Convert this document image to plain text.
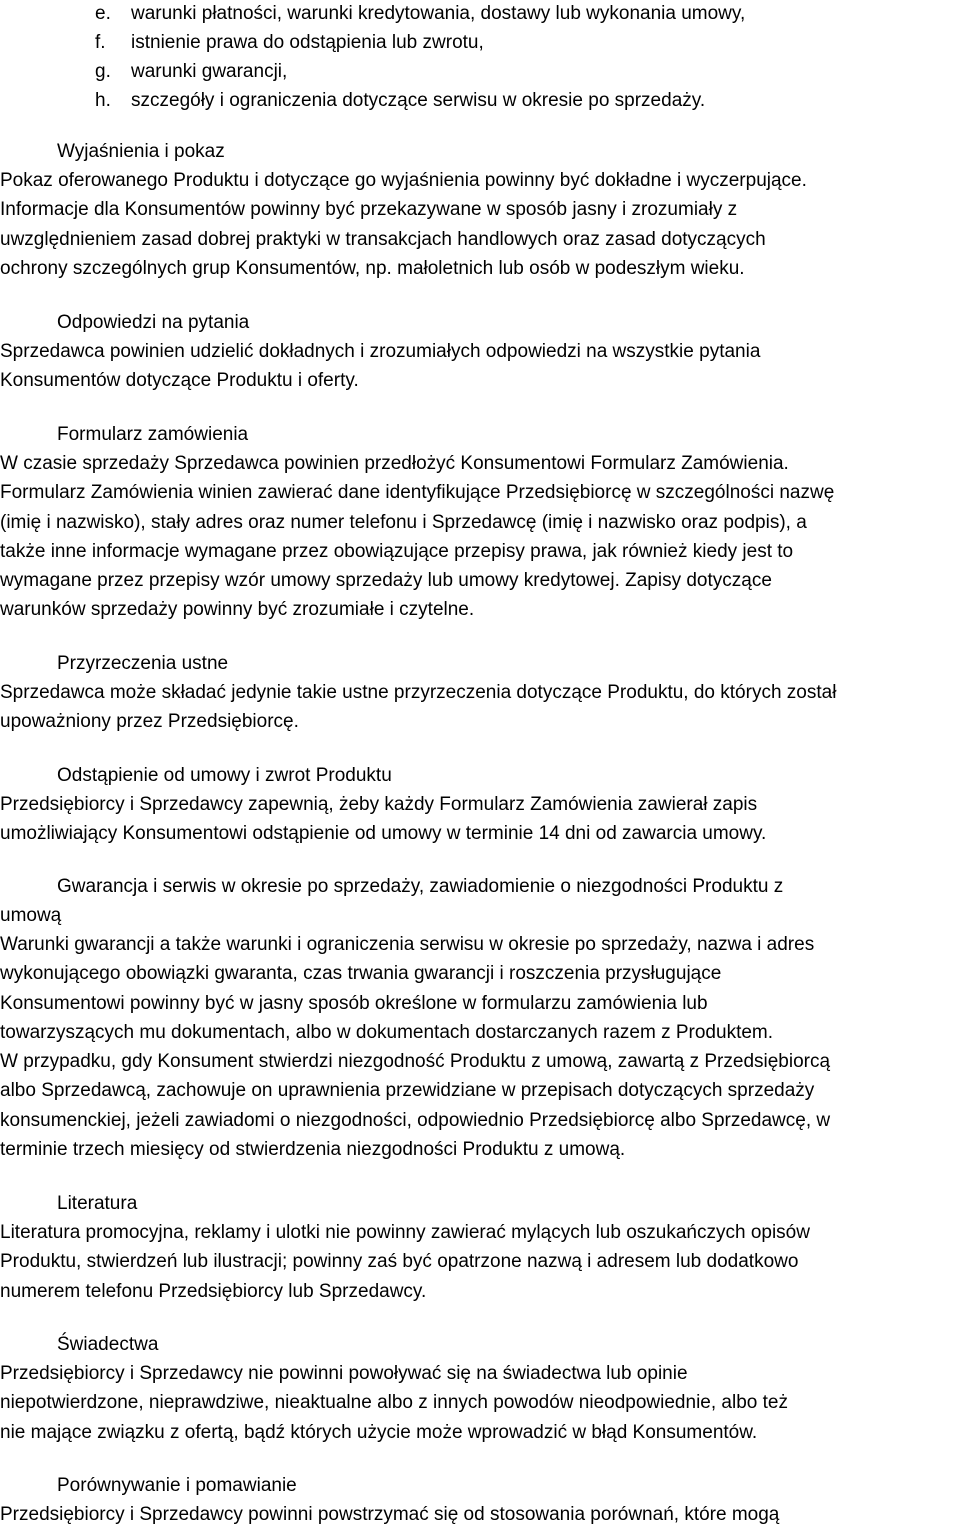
e. warunki płatności, warunki kredytowania, dostawy lub wykonania umowy,
f. istnienie prawa do odstąpienia lub zwrotu,
g. warunki gwarancji,
h. szczegóły i ograniczenia dotyczące serwisu w okresie po sprzedaży.
Wyjaśnienia i pokaz

Pokaz oferowanego Produktu i dotyczące go wyjaśnienia powinny być dokładne i wyczerpujące.
Informacje dla Konsumentów powinny być przekazywane w sposób jasny i zrozumiały z
uwzględnieniem zasad dobrej praktyki w transakcjach handlowych oraz zasad dotyczących
ochrony szczególnych grup Konsumentów, np. małoletnich lub osób w podeszłym wieku.

Odpowiedzi na pytania

Sprzedawca powinien udzielić dokładnych i zrozumiałych odpowiedzi na wszystkie pytania
Konsumentów dotyczące Produktu i oferty.

Formularz zamówienia

W czasie sprzedaży Sprzedawca powinien przedłożyć Konsumentowi Formularz Zamówienia.
Formularz Zamówienia winien zawierać dane identyfikujące Przedsiębiorcę w szczególności nazwę
(imię i nazwisko), stały adres oraz numer telefonu i Sprzedawcę (imię i nazwisko oraz podpis), a
także inne informacje wymagane przez obowiązujące przepisy prawa, jak również kiedy jest to
wymagane przez przepisy wzór umowy sprzedaży lub umowy kredytowej. Zapisy dotyczące
warunków sprzedaży powinny być zrozumiałe i czytelne.

Przyrzeczenia ustne

Sprzedawca może składać jedynie takie ustne przyrzeczenia dotyczące Produktu, do których został
upoważniony przez Przedsiębiorcę.

Odstąpienie od umowy i zwrot Produktu

Przedsiębiorcy i Sprzedawcy zapewnią, żeby każdy Formularz Zamówienia zawierał zapis
umożliwiający Konsumentowi odstąpienie od umowy w terminie 14 dni od zawarcia umowy.

Gwarancja i serwis w okresie po sprzedaży, zawiadomienie o niezgodności Produktu z
umową

Warunki gwarancji a także warunki i ograniczenia serwisu w okresie po sprzedaży, nazwa i adres
wykonującego obowiązki gwaranta, czas trwania gwarancji i roszczenia przysługujące
Konsumentowi powinny być w jasny sposób określone w formularzu zamówienia lub
towarzyszących mu dokumentach, albo w dokumentach dostarczanych razem z Produktem.
W przypadku, gdy Konsument stwierdzi niezgodność Produktu z umową, zawartą z Przedsiębiorcą
albo Sprzedawcą, zachowuje on uprawnienia przewidziane w przepisach dotyczących sprzedaży
konsumenckiej, jeżeli zawiadomi o niezgodności, odpowiednio Przedsiębiorcę albo Sprzedawcę, w
terminie trzech miesięcy od stwierdzenia niezgodności Produktu z umową.

Literatura

Literatura promocyjna, reklamy i ulotki nie powinny zawierać mylących lub oszukańczych opisów
Produktu, stwierdzeń lub ilustracji; powinny zaś być opatrzone nazwą i adresem lub dodatkowo
numerem telefonu Przedsiębiorcy lub Sprzedawcy.

Świadectwa

Przedsiębiorcy i Sprzedawcy nie powinni powoływać się na świadectwa lub opinie
niepotwierdzone, nieprawdziwe, nieaktualne albo z innych powodów nieodpowiednie, albo też
nie mające związku z ofertą, bądź których użycie może wprowadzić w błąd Konsumentów.

Porównywanie i pomawianie

Przedsiębiorcy i Sprzedawcy powinni powstrzymać się od stosowania porównań, które mogą
